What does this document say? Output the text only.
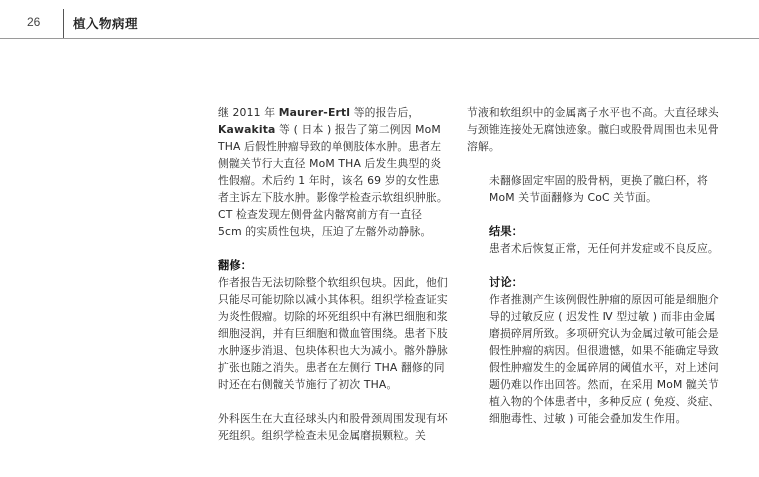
26	植入物病理

继 2011 年 Maurer-Ertl 等的报告后，Kawakita 等 ( 日本 ) 报告了第二例因 MoM THA 后假性肿瘤导致的单侧肢体水肿。患者左侧髋关节行大直径 MoM THA 后发生典型的炎性假瘤。术后约 1 年时，该名 69 岁的女性患者主诉左下肢水肿。影像学检查示软组织肿胀。CT 检查发现左侧骨盆内髂窝前方有一直径 5cm 的实质性包块，压迫了左髂外动静脉。

翻修：

作者报告无法切除整个软组织包块。因此，他们只能尽可能切除以减小其体积。组织学检查证实为炎性假瘤。切除的坏死组织中有淋巴细胞和浆细胞浸润，并有巨细胞和微血管围绕。患者下肢水肿逐步消退、包块体积也大为减小。髂外静脉扩张也随之消失。患者在左侧行 THA 翻修的同时还在右侧髋关节施行了初次 THA。

外科医生在大直径球头内和股骨颈周围发现有坏死组织。组织学检查未见金属磨损颗粒。关

节液和软组织中的金属离子水平也不高。大直径球头与颈锥连接处无腐蚀迹象。髋臼或股骨周围也未见骨溶解。

未翻修固定牢固的股骨柄，更换了髋臼杯，将 MoM 关节面翻修为 CoC 关节面。

结果：

患者术后恢复正常，无任何并发症或不良反应。

讨论：

作者推测产生该例假性肿瘤的原因可能是细胞介导的过敏反应 ( 迟发性 Ⅳ 型过敏 ) 而非由金属磨损碎屑所致。多项研究认为金属过敏可能会是假性肿瘤的病因。但很遗憾，如果不能确定导致假性肿瘤发生的金属碎屑的阈值水平，对上述问题仍难以作出回答。然而，在采用 MoM 髋关节植入物的个体患者中，多种反应 ( 免疫、炎症、细胞毒性、过敏 ) 可能会叠加发生作用。
